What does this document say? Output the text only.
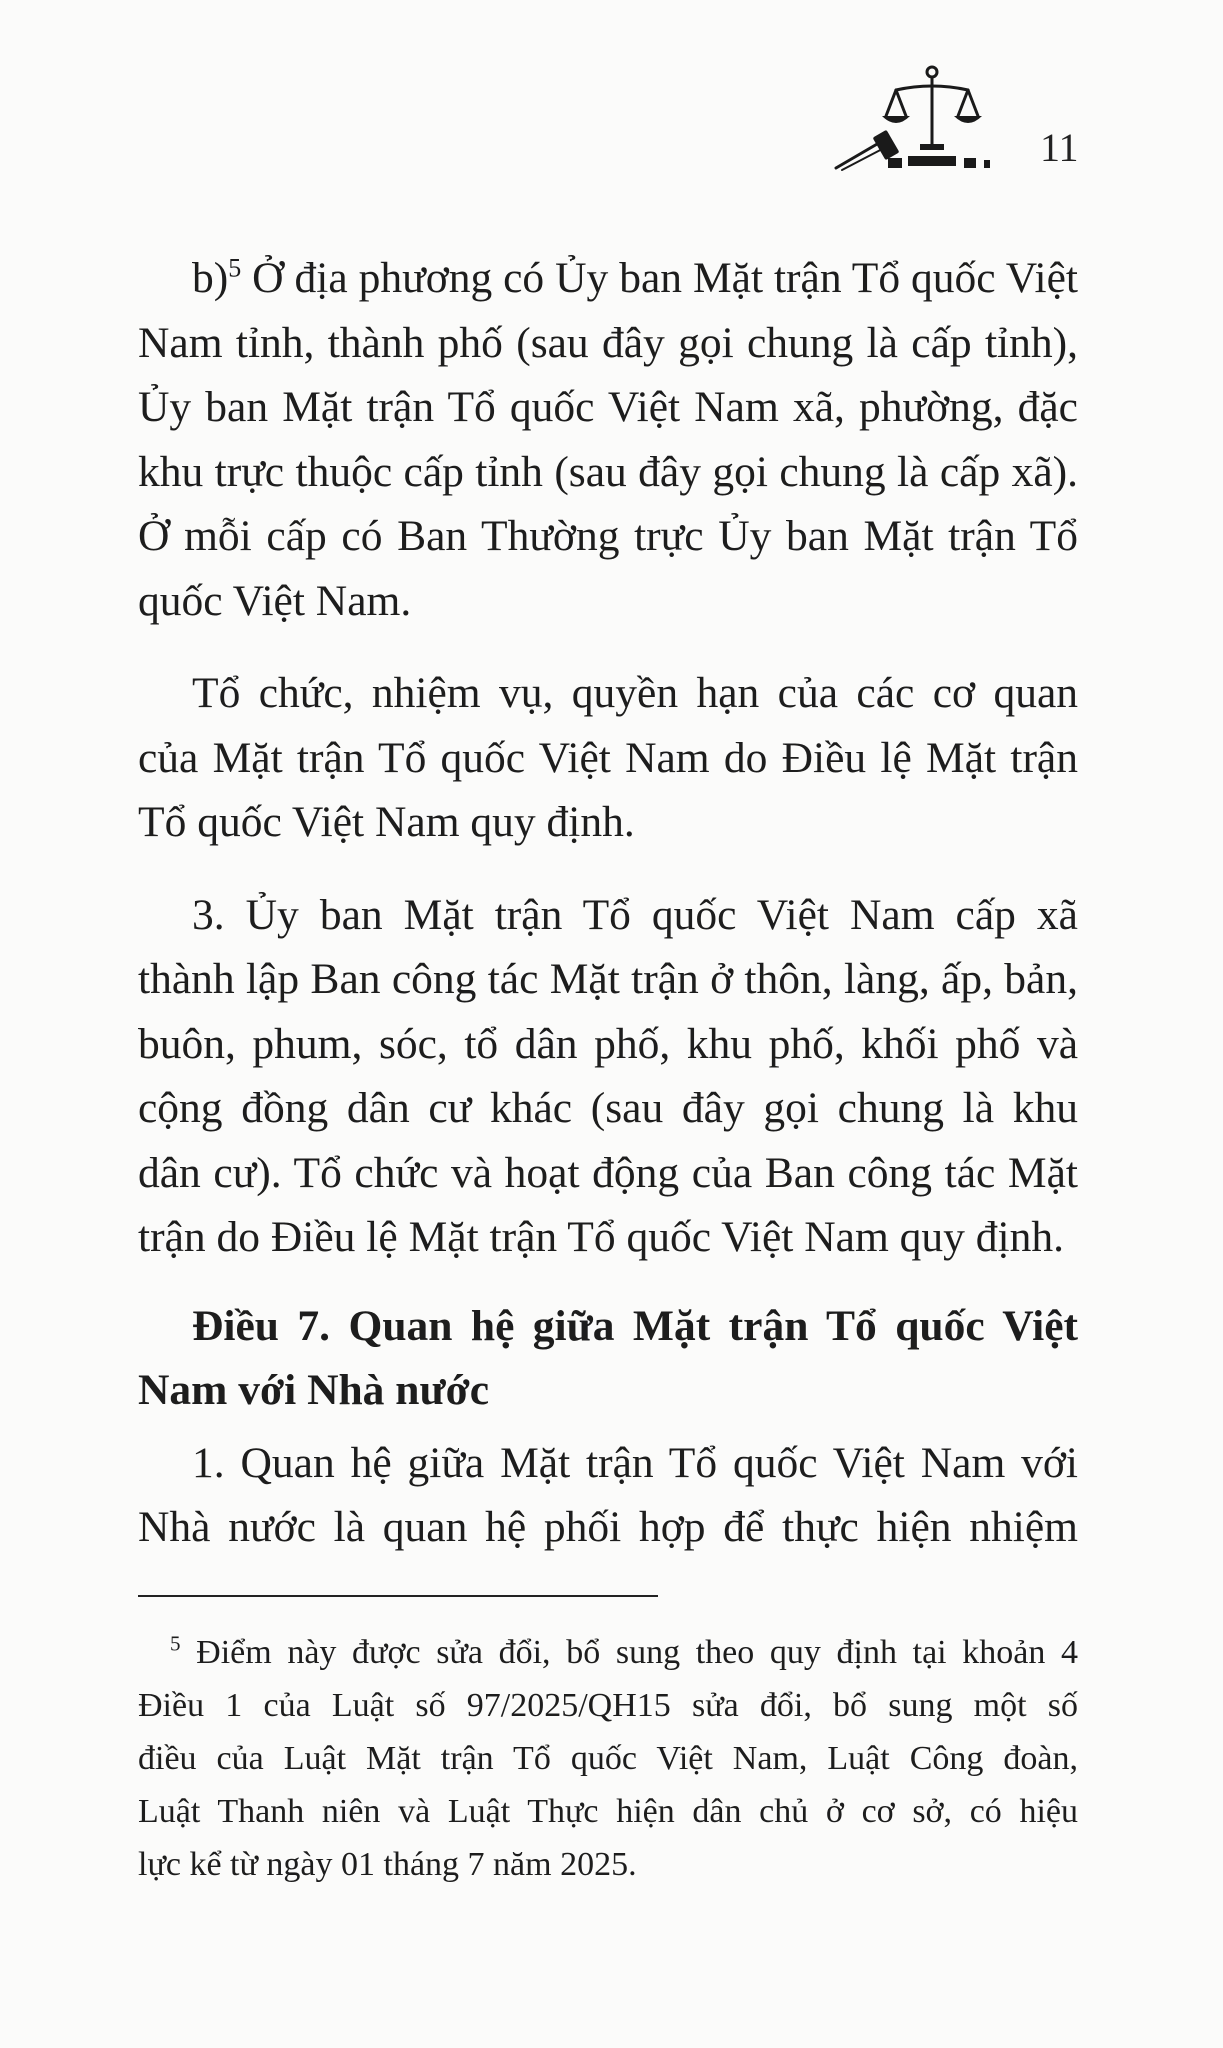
11

b)$^5$ Ở địa phương có Ủy ban Mặt trận Tổ quốc Việt
Nam tỉnh, thành phố (sau đây gọi chung là cấp tỉnh),
Ủy ban Mặt trận Tổ quốc Việt Nam xã, phường, đặc
khu trực thuộc cấp tỉnh (sau đây gọi chung là cấp xã).
Ở mỗi cấp có Ban Thường trực Ủy ban Mặt trận Tổ
quốc Việt Nam.

Tổ chức, nhiệm vụ, quyền hạn của các cơ quan
của Mặt trận Tổ quốc Việt Nam do Điều lệ Mặt trận
Tổ quốc Việt Nam quy định.

3. Ủy ban Mặt trận Tổ quốc Việt Nam cấp xã
thành lập Ban công tác Mặt trận ở thôn, làng, ấp, bản,
buôn, phum, sóc, tổ dân phố, khu phố, khối phố và
cộng đồng dân cư khác (sau đây gọi chung là khu
dân cư). Tổ chức và hoạt động của Ban công tác Mặt
trận do Điều lệ Mặt trận Tổ quốc Việt Nam quy định.

Điều 7. Quan hệ giữa Mặt trận Tổ quốc Việt
Nam với Nhà nước

1. Quan hệ giữa Mặt trận Tổ quốc Việt Nam với
Nhà nước là quan hệ phối hợp để thực hiện nhiệm

$^5$ Điểm này được sửa đổi, bổ sung theo quy định tại khoản 4
Điều 1 của Luật số 97/2025/QH15 sửa đổi, bổ sung một số
điều của Luật Mặt trận Tổ quốc Việt Nam, Luật Công đoàn,
Luật Thanh niên và Luật Thực hiện dân chủ ở cơ sở, có hiệu
lực kể từ ngày 01 tháng 7 năm 2025.
